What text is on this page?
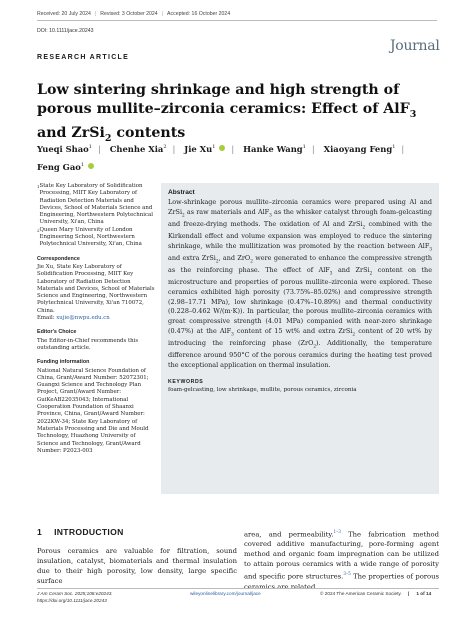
Received: 20 July 2024 | Revised: 3 October 2024 | Accepted: 16 October 2024
DOI: 10.1111/jace.20243
Journal
RESEARCH ARTICLE
Low sintering shrinkage and high strength of porous mullite–zirconia ceramics: Effect of AlF$_3$ and ZrSi$_2$ contents
Yueqi Shao$^1$ | Chenhe Xia$^2$ | Jie Xu$^1$ | Hanke Wang$^1$ | Xiaoyang Feng$^1$ |
Feng Gao$^1$
1 State Key Laboratory of Solidification Processing, MIIT Key Laboratory of Radiation Detection Materials and Devices, School of Materials Science and Engineering, Northwestern Polytechnical University, Xi'an, China
2 Queen Mary University of London Engineering School, Northwestern Polytechnical University, Xi'an, China
Correspondence
Jie Xu, State Key Laboratory of Solidification Processing, MIIT Key Laboratory of Radiation Detection Materials and Devices, School of Materials Science and Engineering, Northwestern Polytechnical University, Xi'an 710072, China.
Email: xujie@nwpu.edu.cn
Editor's Choice
The Editor-in-Chief recommends this outstanding article.
Funding information
National Natural Science Foundation of China, Grant/Award Number: 52072301; Guangxi Science and Technology Plan Project, Grant/Award Number: GuiKeAB22035043; International Cooperation Foundation of Shaanxi Province, China, Grant/Award Number: 2022KW-34; State Key Laboratory of Materials Processing and Die and Mould Technology, Huazhong University of Science and Technology, Grant/Award Number: P2023-003
Abstract
Low-shrinkage porous mullite–zirconia ceramics were prepared using Al and ZrSi$_2$ as raw materials and AlF$_3$ as the whisker catalyst through foam-gelcasting and freeze-drying methods. The oxidation of Al and ZrSi$_2$ combined with the Kirkendall effect and volume expansion was employed to reduce the sintering shrinkage, while the mullitization was promoted by the reaction between AlF$_3$ and extra ZrSi$_2$, and ZrO$_2$ were generated to enhance the compressive strength as the reinforcing phase. The effect of AlF$_3$ and ZrSi$_2$ content on the microstructure and properties of porous mullite–zirconia were explored. These ceramics exhibited high porosity (73.75%–85.02%) and compressive strength (2.98–17.71 MPa), low shrinkage (0.47%–10.89%) and thermal conductivity (0.228–0.462 W/(m·K)). In particular, the porous mullite–zirconia ceramics with great compressive strength (4.01 MPa) companied with near-zero shrinkage (0.47%) at the AlF$_3$ content of 15 wt% and extra ZrSi$_2$ content of 20 wt% by introducing the reinforcing phase (ZrO$_2$). Additionally, the temperature difference around 950°C of the porous ceramics during the heating test proved the exceptional application on thermal insulation.
KEYWORDS
foam-gelcasting, low shrinkage, mullite, porous ceramics, zirconia
1 INTRODUCTION
Porous ceramics are valuable for filtration, sound insulation, catalyst, biomaterials and thermal insulation due to their high porosity, low density, large specific surface
area, and permeability.$^{1-3}$ The fabrication method covered additive manufacturing, pore-forming agent method and organic foam impregnation can be utilized to attain porous ceramics with a wide range of porosity and specific pore structures.$^{3-5}$ The properties of porous ceramics are related
J Am Ceram Soc. 2025;108:e20243.
https://doi.org/10.1111/jace.20243
wileyonlinelibrary.com/journal/jace	© 2024 The American Ceramic Society. | 1 of 14
